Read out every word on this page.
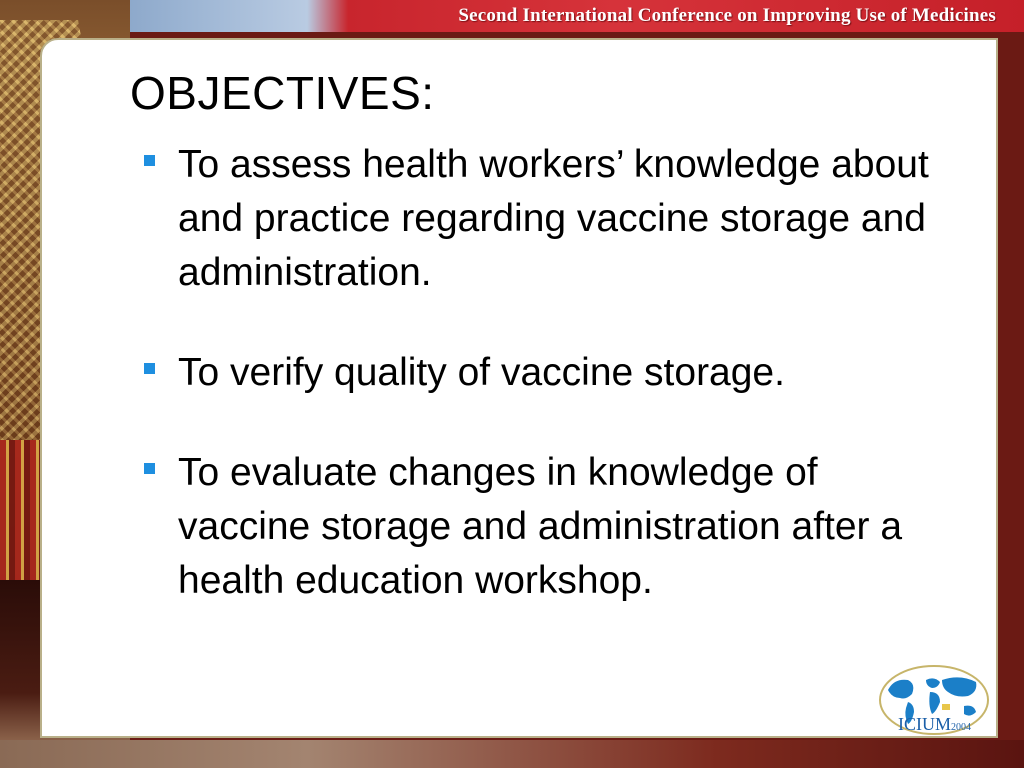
Second International Conference on Improving Use of Medicines
OBJECTIVES:
To assess health workers’ knowledge about and practice regarding vaccine storage and administration.
To verify quality of vaccine storage.
To evaluate changes in knowledge of vaccine storage and administration after a health education workshop.
ICIUM2004
